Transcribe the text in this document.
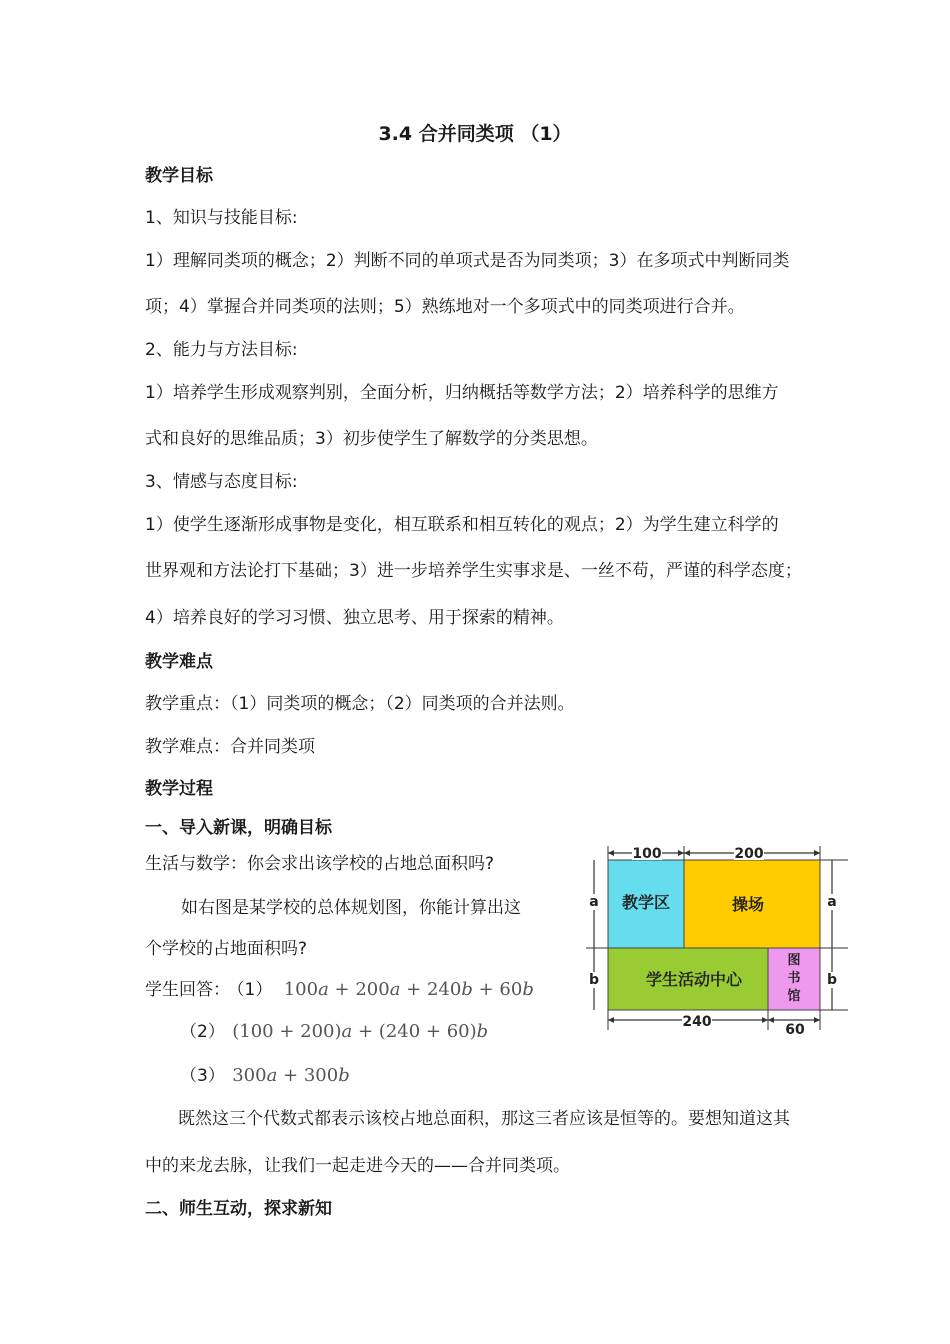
3.4 合并同类项 （1）
教学目标
1、知识与技能目标:
1）理解同类项的概念；2）判断不同的单项式是否为同类项；3）在多项式中判断同类
项；4）掌握合并同类项的法则；5）熟练地对一个多项式中的同类项进行合并。
2、能力与方法目标:
1）培养学生形成观察判别，全面分析，归纳概括等数学方法；2）培养科学的思维方
式和良好的思维品质；3）初步使学生了解数学的分类思想。
3、情感与态度目标:
1）使学生逐渐形成事物是变化，相互联系和相互转化的观点；2）为学生建立科学的
世界观和方法论打下基础；3）进一步培养学生实事求是、一丝不苟，严谨的科学态度；
4）培养良好的学习习惯、独立思考、用于探索的精神。
教学难点
教学重点：（1）同类项的概念；（2）同类项的合并法则。
教学难点：合并同类项
教学过程
一、导入新课，明确目标
生活与数学：你会求出该学校的占地总面积吗?
如右图是某学校的总体规划图，你能计算出这
个学校的占地面积吗?
学生回答： （1） 100a + 200a + 240b + 60b
（2） (100 + 200)a + (240 + 60)b
（3） 300a + 300b
既然这三个代数式都表示该校占地总面积，那这三者应该是恒等的。要想知道这其
中的来龙去脉，让我们一起走进今天的——合并同类项。
二、师生互动，探求新知
教学区	操场
学生活动中心
图
书
馆
100	200
240	60
a	a
b	b
